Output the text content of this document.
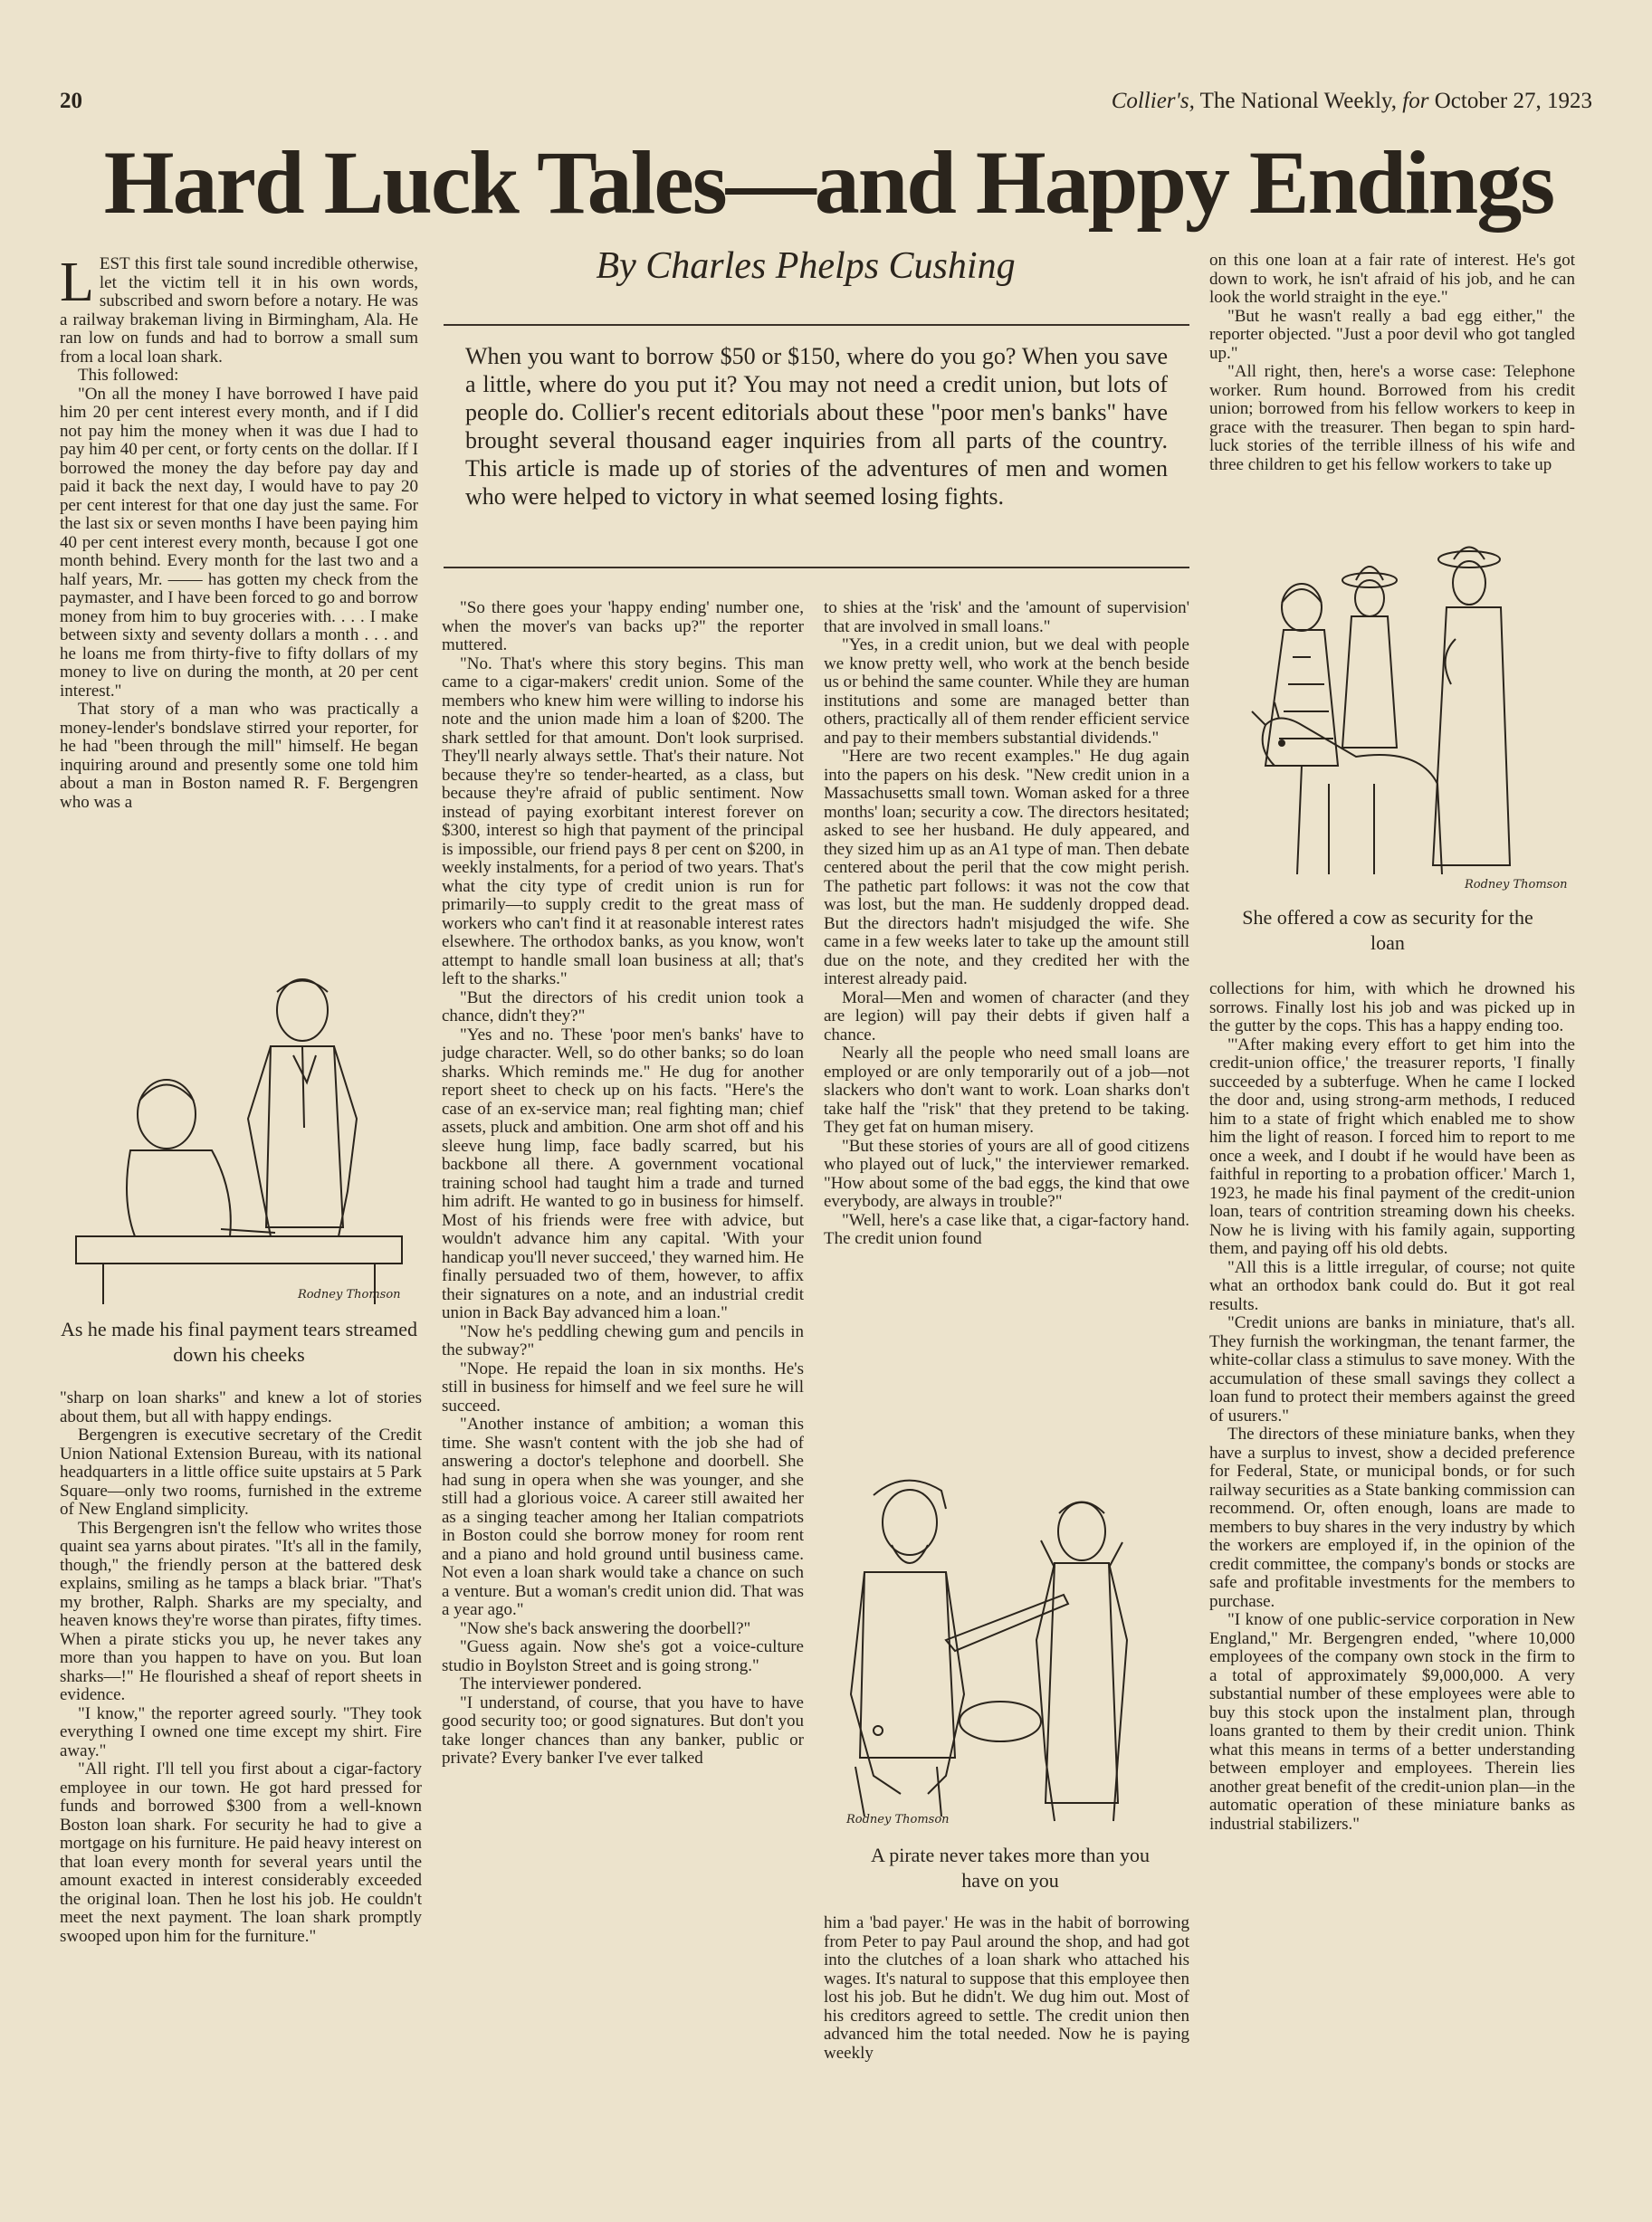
20	Collier's, The National Weekly, for October 27, 1923
Hard Luck Tales—and Happy Endings
By Charles Phelps Cushing
When you want to borrow $50 or $150, where do you go? When you save a little, where do you put it? You may not need a credit union, but lots of people do. Collier's recent editorials about these "poor men's banks" have brought several thousand eager inquiries from all parts of the country. This article is made up of stories of the adventures of men and women who were helped to victory in what seemed losing fights.

LEST this first tale sound incredible otherwise, let the victim tell it in his own words, subscribed and sworn before a notary. He was a railway brakeman living in Birmingham, Ala. He ran low on funds and had to borrow a small sum from a local loan shark.

This followed:

"On all the money I have borrowed I have paid him 20 per cent interest every month, and if I did not pay him the money when it was due I had to pay him 40 per cent, or forty cents on the dollar. If I borrowed the money the day before pay day and paid it back the next day, I would have to pay 20 per cent interest for that one day just the same. For the last six or seven months I have been paying him 40 per cent interest every month, because I got one month behind. Every month for the last two and a half years, Mr. —— has gotten my check from the paymaster, and I have been forced to go and borrow money from him to buy groceries with. . . . I make between sixty and seventy dollars a month . . . and he loans me from thirty-five to fifty dollars of my money to live on during the month, at 20 per cent interest."

That story of a man who was practically a money-lender's bondslave stirred your reporter, for he had "been through the mill" himself. He began inquiring around and presently some one told him about a man in Boston named R. F. Bergengren who was a

"sharp on loan sharks" and knew a lot of stories about them, but all with happy endings.

Bergengren is executive secretary of the Credit Union National Extension Bureau, with its national headquarters in a little office suite upstairs at 5 Park Square—only two rooms, furnished in the extreme of New England simplicity.

This Bergengren isn't the fellow who writes those quaint sea yarns about pirates. "It's all in the family, though," the friendly person at the battered desk explains, smiling as he tamps a black briar. "That's my brother, Ralph. Sharks are my specialty, and heaven knows they're worse than pirates, fifty times. When a pirate sticks you up, he never takes any more than you happen to have on you. But loan sharks—!" He flourished a sheaf of report sheets in evidence.

"I know," the reporter agreed sourly. "They took everything I owned one time except my shirt. Fire away."

"All right. I'll tell you first about a cigar-factory employee in our town. He got hard pressed for funds and borrowed $300 from a well-known Boston loan shark. For security he had to give a mortgage on his furniture. He paid heavy interest on that loan every month for several years until the amount exacted in interest considerably exceeded the original loan. Then he lost his job. He couldn't meet the next payment. The loan shark promptly swooped upon him for the furniture."

"So there goes your 'happy ending' number one, when the mover's van backs up?" the reporter muttered.

"No. That's where this story begins. This man came to a cigar-makers' credit union. Some of the members who knew him were willing to indorse his note and the union made him a loan of $200. The shark settled for that amount. Don't look surprised. They'll nearly always settle. That's their nature. Not because they're so tender-hearted, as a class, but because they're afraid of public sentiment. Now instead of paying exorbitant interest forever on $300, interest so high that payment of the principal is impossible, our friend pays 8 per cent on $200, in weekly instalments, for a period of two years. That's what the city type of credit union is run for primarily—to supply credit to the great mass of workers who can't find it at reasonable interest rates elsewhere. The orthodox banks, as you know, won't attempt to handle small loan business at all; that's left to the sharks."

"But the directors of his credit union took a chance, didn't they?"

"Yes and no. These 'poor men's banks' have to judge character. Well, so do other banks; so do loan sharks. Which reminds me." He dug for another report sheet to check up on his facts. "Here's the case of an ex-service man; real fighting man; chief assets, pluck and ambition. One arm shot off and his sleeve hung limp, face badly scarred, but his backbone all there. A government vocational training school had taught him a trade and turned him adrift. He wanted to go in business for himself. Most of his friends were free with advice, but wouldn't advance him any capital. 'With your handicap you'll never succeed,' they warned him. He finally persuaded two of them, however, to affix their signatures on a note, and an industrial credit union in Back Bay advanced him a loan."

"Now he's peddling chewing gum and pencils in the subway?"

"Nope. He repaid the loan in six months. He's still in business for himself and we feel sure he will succeed.

"Another instance of ambition; a woman this time. She wasn't content with the job she had of answering a doctor's telephone and doorbell. She had sung in opera when she was younger, and she still had a glorious voice. A career still awaited her as a singing teacher among her Italian compatriots in Boston could she borrow money for room rent and a piano and hold ground until business came. Not even a loan shark would take a chance on such a venture. But a woman's credit union did. That was a year ago."

"Now she's back answering the doorbell?"

"Guess again. Now she's got a voice-culture studio in Boylston Street and is going strong."

The interviewer pondered.

"I understand, of course, that you have to have good security too; or good signatures. But don't you take longer chances than any banker, public or private? Every banker I've ever talked

to shies at the 'risk' and the 'amount of supervision' that are involved in small loans."

"Yes, in a credit union, but we deal with people we know pretty well, who work at the bench beside us or behind the same counter. While they are human institutions and some are managed better than others, practically all of them render efficient service and pay to their members substantial dividends."

"Here are two recent examples." He dug again into the papers on his desk. "New credit union in a Massachusetts small town. Woman asked for a three months' loan; security a cow. The directors hesitated; asked to see her husband. He duly appeared, and they sized him up as an A1 type of man. Then debate centered about the peril that the cow might perish. The pathetic part follows: it was not the cow that was lost, but the man. He suddenly dropped dead. But the directors hadn't misjudged the wife. She came in a few weeks later to take up the amount still due on the note, and they credited her with the interest already paid.

Moral—Men and women of character (and they are legion) will pay their debts if given half a chance.

Nearly all the people who need small loans are employed or are only temporarily out of a job—not slackers who don't want to work. Loan sharks don't take half the "risk" that they pretend to be taking. They get fat on human misery.

"But these stories of yours are all of good citizens who played out of luck," the interviewer remarked. "How about some of the bad eggs, the kind that owe everybody, are always in trouble?"

"Well, here's a case like that, a cigar-factory hand. The credit union found

him a 'bad payer.' He was in the habit of borrowing from Peter to pay Paul around the shop, and had got into the clutches of a loan shark who attached his wages. It's natural to suppose that this employee then lost his job. But he didn't. We dug him out. Most of his creditors agreed to settle. The credit union then advanced him the total needed. Now he is paying weekly

on this one loan at a fair rate of interest. He's got down to work, he isn't afraid of his job, and he can look the world straight in the eye."

"But he wasn't really a bad egg either," the reporter objected. "Just a poor devil who got tangled up."

"All right, then, here's a worse case: Telephone worker. Rum hound. Borrowed from his credit union; borrowed from his fellow workers to keep in grace with the treasurer. Then began to spin hard-luck stories of the terrible illness of his wife and three children to get his fellow workers to take up

collections for him, with which he drowned his sorrows. Finally lost his job and was picked up in the gutter by the cops. This has a happy ending too.

"'After making every effort to get him into the credit-union office,' the treasurer reports, 'I finally succeeded by a subterfuge. When he came I locked the door and, using strong-arm methods, I reduced him to a state of fright which enabled me to show him the light of reason. I forced him to report to me once a week, and I doubt if he would have been as faithful in reporting to a probation officer.' March 1, 1923, he made his final payment of the credit-union loan, tears of contrition streaming down his cheeks. Now he is living with his family again, supporting them, and paying off his old debts.

"All this is a little irregular, of course; not quite what an orthodox bank could do. But it got real results.

"Credit unions are banks in miniature, that's all. They furnish the workingman, the tenant farmer, the white-collar class a stimulus to save money. With the accumulation of these small savings they collect a loan fund to protect their members against the greed of usurers."

The directors of these miniature banks, when they have a surplus to invest, show a decided preference for Federal, State, or municipal bonds, or for such railway securities as a State banking commission can recommend. Or, often enough, loans are made to members to buy shares in the very industry by which the workers are employed if, in the opinion of the credit committee, the company's bonds or stocks are safe and profitable investments for the members to purchase.

"I know of one public-service corporation in New England," Mr. Bergengren ended, "where 10,000 employees of the company own stock in the firm to a total of approximately $9,000,000. A very substantial number of these employees were able to buy this stock upon the instalment plan, through loans granted to them by their credit union. Think what this means in terms of a better understanding between employer and employees. Therein lies another great benefit of the credit-union plan—in the automatic operation of these miniature banks as industrial stabilizers."

Rodney Thomson
She offered a cow as security for the loan
Rodney Thomson
As he made his final payment tears streamed down his cheeks
Rodney Thomson
A pirate never takes more than you have on you
